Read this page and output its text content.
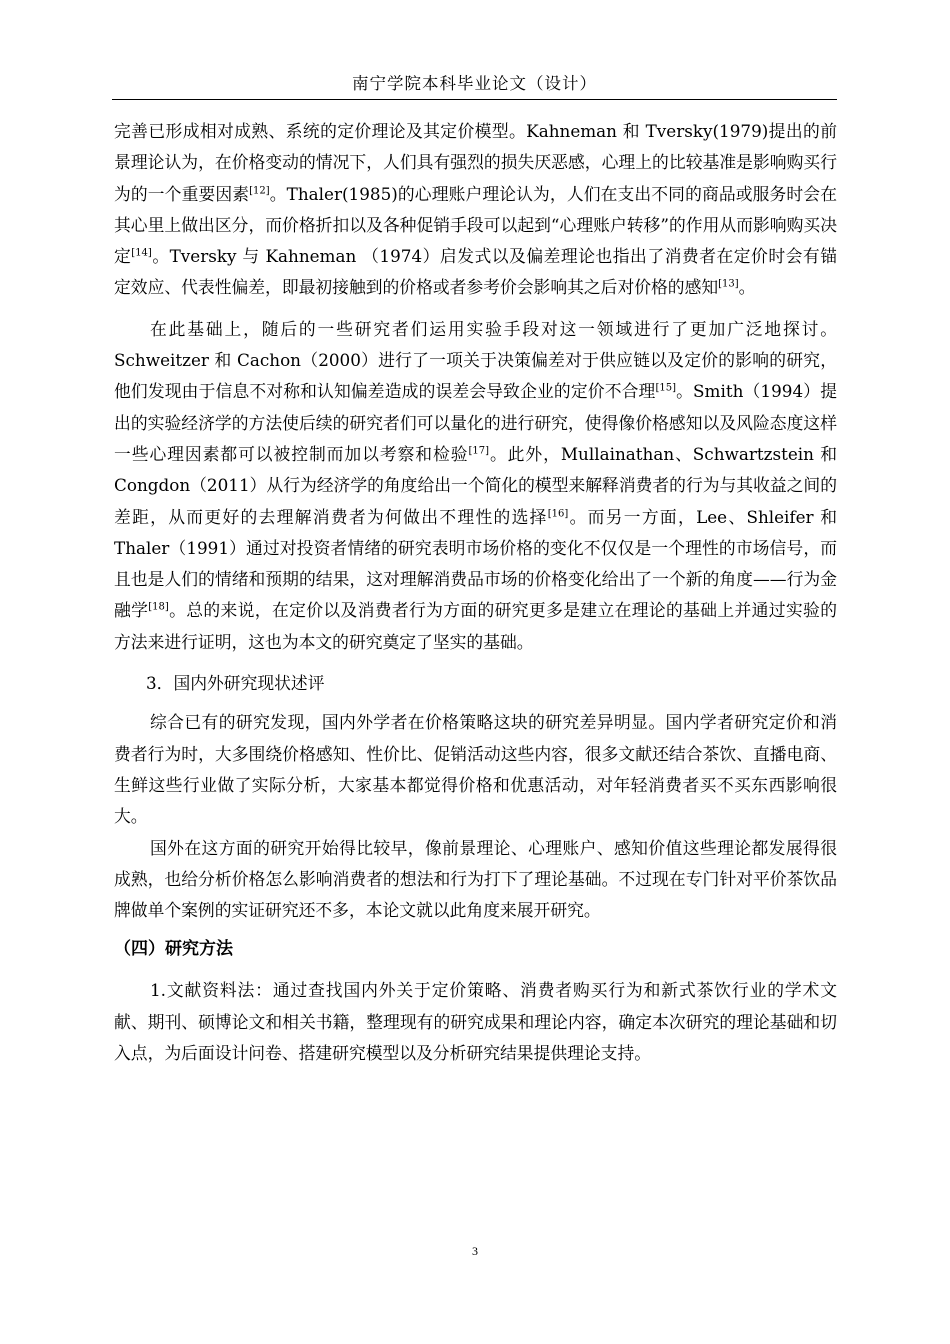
南宁学院本科毕业论文（设计）

完善已形成相对成熟、系统的定价理论及其定价模型。Kahneman 和 Tversky(1979)提出的前景理论认为，在价格变动的情况下，人们具有强烈的损失厌恶感，心理上的比较基准是影响购买行为的一个重要因素[12]。Thaler(1985)的心理账户理论认为，人们在支出不同的商品或服务时会在其心里上做出区分，而价格折扣以及各种促销手段可以起到“心理账户转移”的作用从而影响购买决定[14]。Tversky 与 Kahneman （1974）启发式以及偏差理论也指出了消费者在定价时会有锚定效应、代表性偏差，即最初接触到的价格或者参考价会影响其之后对价格的感知[13]。

在此基础上，随后的一些研究者们运用实验手段对这一领域进行了更加广泛地探讨。Schweitzer 和 Cachon（2000）进行了一项关于决策偏差对于供应链以及定价的影响的研究，他们发现由于信息不对称和认知偏差造成的误差会导致企业的定价不合理[15]。Smith（1994）提出的实验经济学的方法使后续的研究者们可以量化的进行研究，使得像价格感知以及风险态度这样一些心理因素都可以被控制而加以考察和检验[17]。此外，Mullainathan、Schwartzstein 和 Congdon（2011）从行为经济学的角度给出一个简化的模型来解释消费者的行为与其收益之间的差距，从而更好的去理解消费者为何做出不理性的选择[16]。而另一方面，Lee、Shleifer 和 Thaler（1991）通过对投资者情绪的研究表明市场价格的变化不仅仅是一个理性的市场信号，而且也是人们的情绪和预期的结果，这对理解消费品市场的价格变化给出了一个新的角度——行为金融学[18]。总的来说，在定价以及消费者行为方面的研究更多是建立在理论的基础上并通过实验的方法来进行证明，这也为本文的研究奠定了坚实的基础。

3．国内外研究现状述评

综合已有的研究发现，国内外学者在价格策略这块的研究差异明显。国内学者研究定价和消费者行为时，大多围绕价格感知、性价比、促销活动这些内容，很多文献还结合茶饮、直播电商、生鲜这些行业做了实际分析，大家基本都觉得价格和优惠活动，对年轻消费者买不买东西影响很大。

国外在这方面的研究开始得比较早，像前景理论、心理账户、感知价值这些理论都发展得很成熟，也给分析价格怎么影响消费者的想法和行为打下了理论基础。不过现在专门针对平价茶饮品牌做单个案例的实证研究还不多，本论文就以此角度来展开研究。

（四）研究方法

1.文献资料法：通过查找国内外关于定价策略、消费者购买行为和新式茶饮行业的学术文献、期刊、硕博论文和相关书籍，整理现有的研究成果和理论内容，确定本次研究的理论基础和切入点，为后面设计问卷、搭建研究模型以及分析研究结果提供理论支持。

3
